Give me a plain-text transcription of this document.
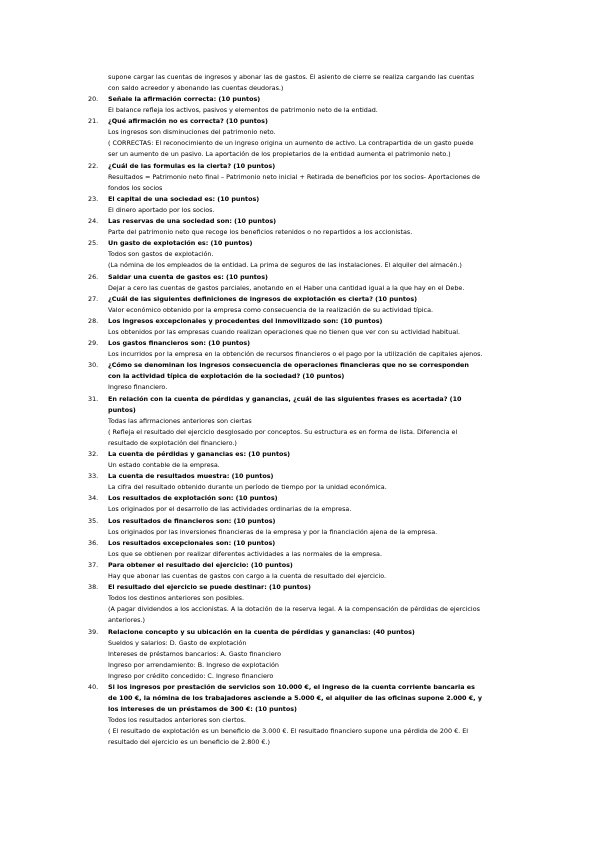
supone cargar las cuentas de ingresos y abonar las de gastos. El asiento de cierre se realiza cargando las cuentas
con saldo acreedor y abonando las cuentas deudoras.)
20.	Señale la afirmación correcta: (10 puntos)
El balance refleja los activos, pasivos y elementos de patrimonio neto de la entidad.
21.	¿Qué afirmación no es correcta? (10 puntos)
Los ingresos son disminuciones del patrimonio neto.
( CORRECTAS: El reconocimiento de un ingreso origina un aumento de activo. La contrapartida de un gasto puede
ser un aumento de un pasivo. La aportación de los propietarios de la entidad aumenta el patrimonio neto.)
22.	¿Cuál de las formulas es la cierta? (10 puntos)
Resultados = Patrimonio neto final – Patrimonio neto inicial + Retirada de beneficios por los socios- Aportaciones de
fondos los socios
23.	El capital de una sociedad es: (10 puntos)
El dinero aportado por los socios.
24.	Las reservas de una sociedad son: (10 puntos)
Parte del patrimonio neto que recoge los beneficios retenidos o no repartidos a los accionistas.
25.	Un gasto de explotación es: (10 puntos)
Todos son gastos de explotación.
(La nómina de los empleados de la entidad. La prima de seguros de las instalaciones. El alquiler del almacén.)
26.	Saldar una cuenta de gastos es: (10 puntos)
Dejar a cero las cuentas de gastos parciales, anotando en el Haber una cantidad igual a la que hay en el Debe.
27.	¿Cuál de las siguientes definiciones de ingresos de explotación es cierta? (10 puntos)
Valor económico obtenido por la empresa como consecuencia de la realización de su actividad típica.
28.	Los ingresos excepcionales y procedentes del inmovilizado son: (10 puntos)
Los obtenidos por las empresas cuando realizan operaciones que no tienen que ver con su actividad habitual.
29.	Los gastos financieros son: (10 puntos)
Los incurridos por la empresa en la obtención de recursos financieros o el pago por la utilización de capitales ajenos.
30.	¿Cómo se denominan los ingresos consecuencia de operaciones financieras que no se corresponden
con la actividad típica de explotación de la sociedad? (10 puntos)
Ingreso financiero.
31.	En relación con la cuenta de pérdidas y ganancias, ¿cuál de las siguientes frases es acertada? (10
puntos)
Todas las afirmaciones anteriores son ciertas
( Refleja el resultado del ejercicio desglosado por conceptos. Su estructura es en forma de lista. Diferencia el
resultado de explotación del financiero.)
32.	La cuenta de pérdidas y ganancias es: (10 puntos)
Un estado contable de la empresa.
33.	La cuenta de resultados muestra: (10 puntos)
La cifra del resultado obtenido durante un período de tiempo por la unidad económica.
34.	Los resultados de explotación son: (10 puntos)
Los originados por el desarrollo de las actividades ordinarias de la empresa.
35.	Los resultados de financieros son: (10 puntos)
Los originados por las inversiones financieras de la empresa y por la financiación ajena de la empresa.
36.	Los resultados excepcionales son: (10 puntos)
Los que se obtienen por realizar diferentes actividades a las normales de la empresa.
37.	Para obtener el resultado del ejercicio: (10 puntos)
Hay que abonar las cuentas de gastos con cargo a la cuenta de resultado del ejercicio.
38.	El resultado del ejercicio se puede destinar: (10 puntos)
Todos los destinos anteriores son posibles.
(A pagar dividendos a los accionistas. A la dotación de la reserva legal. A la compensación de pérdidas de ejercicios
anteriores.)
39.	Relacione concepto y su ubicación en la cuenta de pérdidas y ganancias: (40 puntos)
Sueldos y salarios: D. Gasto de explotación
Intereses de préstamos bancarios: A. Gasto financiero
Ingreso por arrendamiento: B. Ingreso de explotación
Ingreso por crédito concedido: C. Ingreso financiero
40.	Si los ingresos por prestación de servicios son 10.000 €, el ingreso de la cuenta corriente bancaria es
de 100 €, la nómina de los trabajadores asciende a 5.000 €, el alquiler de las oficinas supone 2.000 €, y
los intereses de un préstamos de 300 €: (10 puntos)
Todos los resultados anteriores son ciertos.
( El resultado de explotación es un beneficio de 3.000 €. El resultado financiero supone una pérdida de 200 €. El
resultado del ejercicio es un beneficio de 2.800 €.)
